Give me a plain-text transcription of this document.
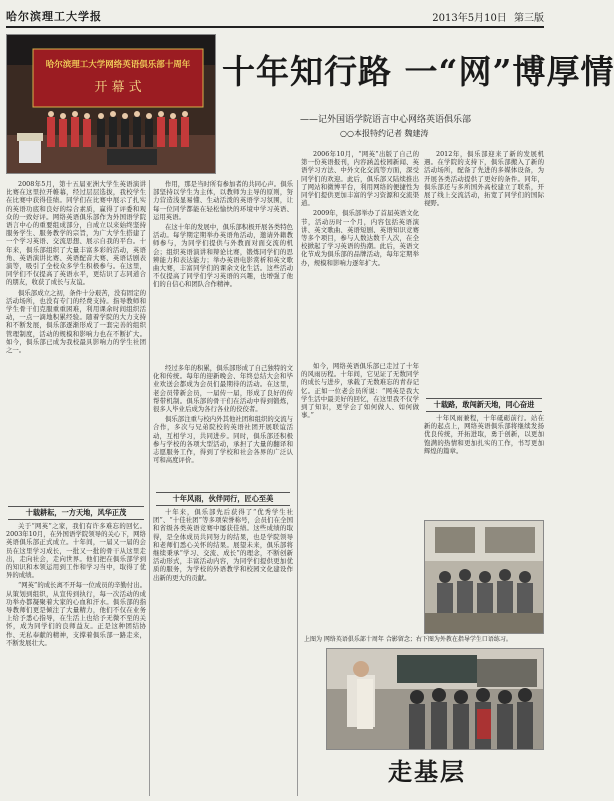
哈尔滨理工大学报	2013年5月10日 第三版
哈尔滨理工大学网络英语俱乐部十周年
开 幕 式 十年知行路 一“网”博厚情
——记外国语学院语言中心网络英语俱乐部
○○本报特约记者 魏建涛

2008年5月，第十五届亚洲大学生英语演讲比赛在这里拉开帷幕，经过层层选拔，我校学生在比赛中获得佳绩。同学们在比赛中展示了扎实的英语功底和良好的综合素质，赢得了评委和观众的一致好评。网络英语俱乐部作为外国语学院语言中心的重要组成部分，自成立以来始终坚持服务学生、服务教学的宗旨，为广大学生搭建了一个学习英语、交流思想、展示自我的平台。十年来，俱乐部组织了大量丰富多彩的活动，英语角、英语演讲比赛、英语配音大赛、英语话剧表演等，吸引了全校众多学生积极参与。在这里，同学们不仅提高了英语水平，更结识了志同道合的朋友，收获了成长与友谊。

俱乐部成立之初，条件十分艰苦，没有固定的活动场所，也没有专门的经费支持。指导教师和学生骨干们克服重重困难，利用课余时间组织活动，一点一滴地积累经验。随着学院的大力支持和不断发展，俱乐部逐渐形成了一套完善的组织管理制度，活动的规模和影响力也在不断扩大。如今，俱乐部已成为我校最具影响力的学生社团之一。

十载耕耘，一方天地，风华正茂

关于“网英”之家，我们有许多难忘的回忆。2003年10月，在外国语学院领导的关心下，网络英语俱乐部正式成立。十年间，一届又一届的会员在这里学习成长，一批又一批的骨干从这里走出，走向社会，走向世界。他们把在俱乐部学到的知识和本领运用到工作和学习当中，取得了优异的成绩。

“网英”的成长离不开每一位成员的辛勤付出。从策划到组织，从宣传到执行，每一次活动的成功举办都凝聚着大家的心血和汗水。俱乐部的指导教师们更是倾注了大量精力，他们不仅在业务上给予悉心指导，在生活上也给予无微不至的关怀，成为同学们的良师益友。正是这种团结协作、无私奉献的精神，支撑着俱乐部一路走来，不断发展壮大。

作用，那是当时所有参加者的共同心声。俱乐部坚持以学生为主体，以教师为主导的原则，努力营造浅显易懂、生动活泼的英语学习氛围，让每一位同学都能在轻松愉快的环境中学习英语、运用英语。

在这十年的发展中，俱乐部积极开展各类特色活动。每学期定期举办英语角活动，邀请外籍教师参与，为同学们提供与外教面对面交流的机会；组织英语演讲和辩论比赛，锻炼同学们的思辨能力和表达能力；举办英语电影赏析和英文歌曲大赛，丰富同学们的课余文化生活。这些活动不仅提高了同学们学习英语的兴趣，也增强了他们的自信心和团队合作精神。

经过多年的积累，俱乐部形成了自己独特的文化和传统。每年的迎新晚会、年终总结大会和毕业欢送会都成为会员们最期待的活动。在这里，老会员带新会员，一届传一届，形成了良好的传帮带机制。俱乐部的骨干们在活动中得到锻炼，很多人毕业后成为各行各业的佼佼者。

俱乐部注重与校内外其他社团和组织的交流与合作，多次与兄弟院校的英语社团开展联谊活动，互相学习，共同进步。同时，俱乐部还积极参与学校的各项大型活动，承担了大量的翻译和志愿服务工作，得到了学校和社会各界的广泛认可和高度评价。

十年风雨，伙伴同行，匠心至美

十年来，俱乐部先后获得了“优秀学生社团”、“十佳社团”等多项荣誉称号，会员们在全国和省级各类英语竞赛中屡获佳绩。这些成绩的取得，是全体成员共同努力的结果，也是学院领导和老师们悉心关怀的结果。展望未来，俱乐部将继续秉承“学习、交流、成长”的理念，不断创新活动形式，丰富活动内容，为同学们提供更加优质的服务，为学校的外语教学和校园文化建设作出新的更大的贡献。

2006年10月，“网英”出版了自己的第一份英语报刊，内容涵盖校园新闻、英语学习方法、中外文化交流等方面，深受同学们的欢迎。此后，俱乐部又陆续推出了网站和微博平台，利用网络的便捷性为同学们提供更加丰富的学习资源和交流渠道。

2009年，俱乐部举办了首届英语文化节，活动历时一个月，内容包括英语演讲、英文歌曲、英语短剧、英语知识竞赛等多个项目，参与人数达数千人次，在全校掀起了学习英语的热潮。此后，英语文化节成为俱乐部的品牌活动，每年定期举办，规模和影响力逐年扩大。

2012年，俱乐部迎来了新的发展机遇。在学院的支持下，俱乐部搬入了新的活动场所，配备了先进的多媒体设备，为开展各类活动提供了更好的条件。同年，俱乐部还与多所国外高校建立了联系，开展了线上交流活动，拓宽了同学们的国际视野。

如今，网络英语俱乐部已走过了十年的风雨历程。十年间，它见证了无数同学的成长与进步，承载了无数难忘的青春记忆。正如一位老会员所说：“网英是我大学生活中最美好的回忆，在这里我不仅学到了知识，更学会了如何做人、如何做事。”

十载路，敢闯新天地，同心奋进

十年风雨兼程，十年砥砺前行。站在新的起点上，网络英语俱乐部将继续发扬优良传统，开拓进取，勇于创新，以更加饱满的热情和更加扎实的工作，书写更加辉煌的篇章。

上图为 网络英语俱乐部十周年 合影留念；右下图为外教在指导学生口语练习。
走基层
